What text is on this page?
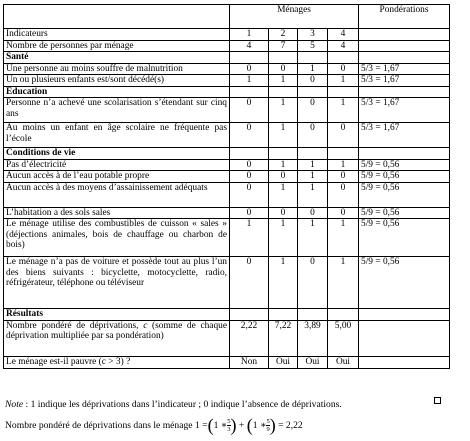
	Ménages				Pondérations
Indicateurs	1	2	3	4	
Nombre de personnes par ménage	4	7	5	4	
Santé					
Une personne au moins souffre de malnutrition	0	0	1	0	5/3 = 1,67
Un ou plusieurs enfants est/sont décédé(s)	1	1	0	1	5/3 = 1,67
Education					
Personne n’a achevé une scolarisation s’étendant sur cinq ans	0	1	0	1	5/3 = 1,67
Au moins un enfant en âge scolaire ne fréquente pas l’école	0	1	0	0	5/3 = 1,67
Conditions de vie					
Pas d’électricité	0	1	1	1	5/9 = 0,56
Aucun accès à de l’eau potable propre	0	0	1	0	5/9 = 0,56
Aucun accès à des moyens d’assainissement adéquats	0	1	1	0	5/9 = 0,56
L’habitation a des sols sales	0	0	0	0	5/9 = 0,56
Le ménage utilise des combustibles de cuisson « sales » (déjections animales, bois de chauffage ou charbon de bois)	1	1	1	1	5/9 = 0,56
Le ménage n’a pas de voiture et possède tout au plus l’un des biens suivants : bicyclette, motocyclette, radio, réfrigérateur, téléphone ou téléviseur	0	1	0	1	5/9 = 0,56
Résultats					
Nombre pondéré de déprivations, c (somme de chaque déprivation multipliée par sa pondération)	2,22	7,22	3,89	5,00	
Le ménage est-il pauvre (c > 3) ?	Non	Oui	Oui	Oui	
Note : 1 indique les déprivations dans l’indicateur ; 0 indique l’absence de déprivations.
Nombre pondéré de déprivations dans le ménage 1 = ( 1 ∗ $\frac{5}{3}$ ) + ( 1 ∗ $\frac{5}{9}$ ) = 2,22
